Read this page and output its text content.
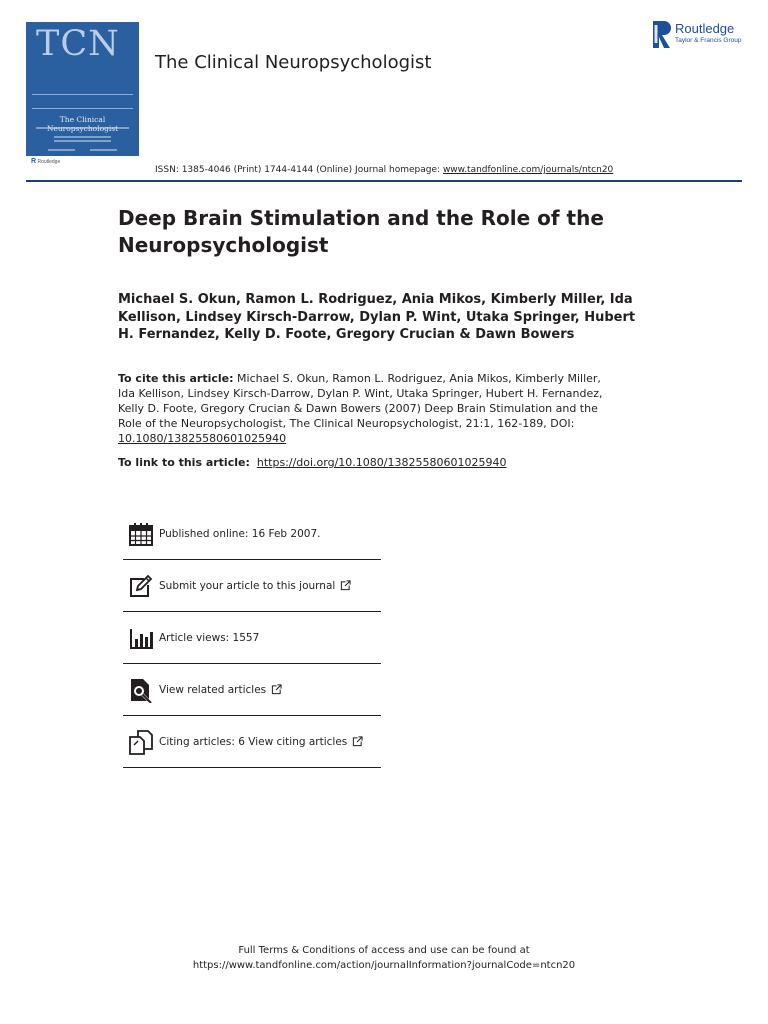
TCN
The Clinical
R Routledge
The Clinical Neuropsychologist
Routledge
Taylor & Francis Group
ISSN: 1385-4046 (Print) 1744-4144 (Online) Journal homepage: www.tandfonline.com/journals/ntcn20
Deep Brain Stimulation and the Role of the Neuropsychologist
Michael S. Okun, Ramon L. Rodriguez, Ania Mikos, Kimberly Miller, Ida Kellison, Lindsey Kirsch-Darrow, Dylan P. Wint, Utaka Springer, Hubert H. Fernandez, Kelly D. Foote, Gregory Crucian & Dawn Bowers
To cite this article: Michael S. Okun, Ramon L. Rodriguez, Ania Mikos, Kimberly Miller, Ida Kellison, Lindsey Kirsch-Darrow, Dylan P. Wint, Utaka Springer, Hubert H. Fernandez, Kelly D. Foote, Gregory Crucian & Dawn Bowers (2007) Deep Brain Stimulation and the Role of the Neuropsychologist, The Clinical Neuropsychologist, 21:1, 162-189, DOI: 10.1080/13825580601025940
To link to this article: https://doi.org/10.1080/13825580601025940
Published online: 16 Feb 2007.
Submit your article to this journal
Article views: 1557
View related articles
Citing articles: 6 View citing articles
Full Terms & Conditions of access and use can be found at
https://www.tandfonline.com/action/journalInformation?journalCode=ntcn20
